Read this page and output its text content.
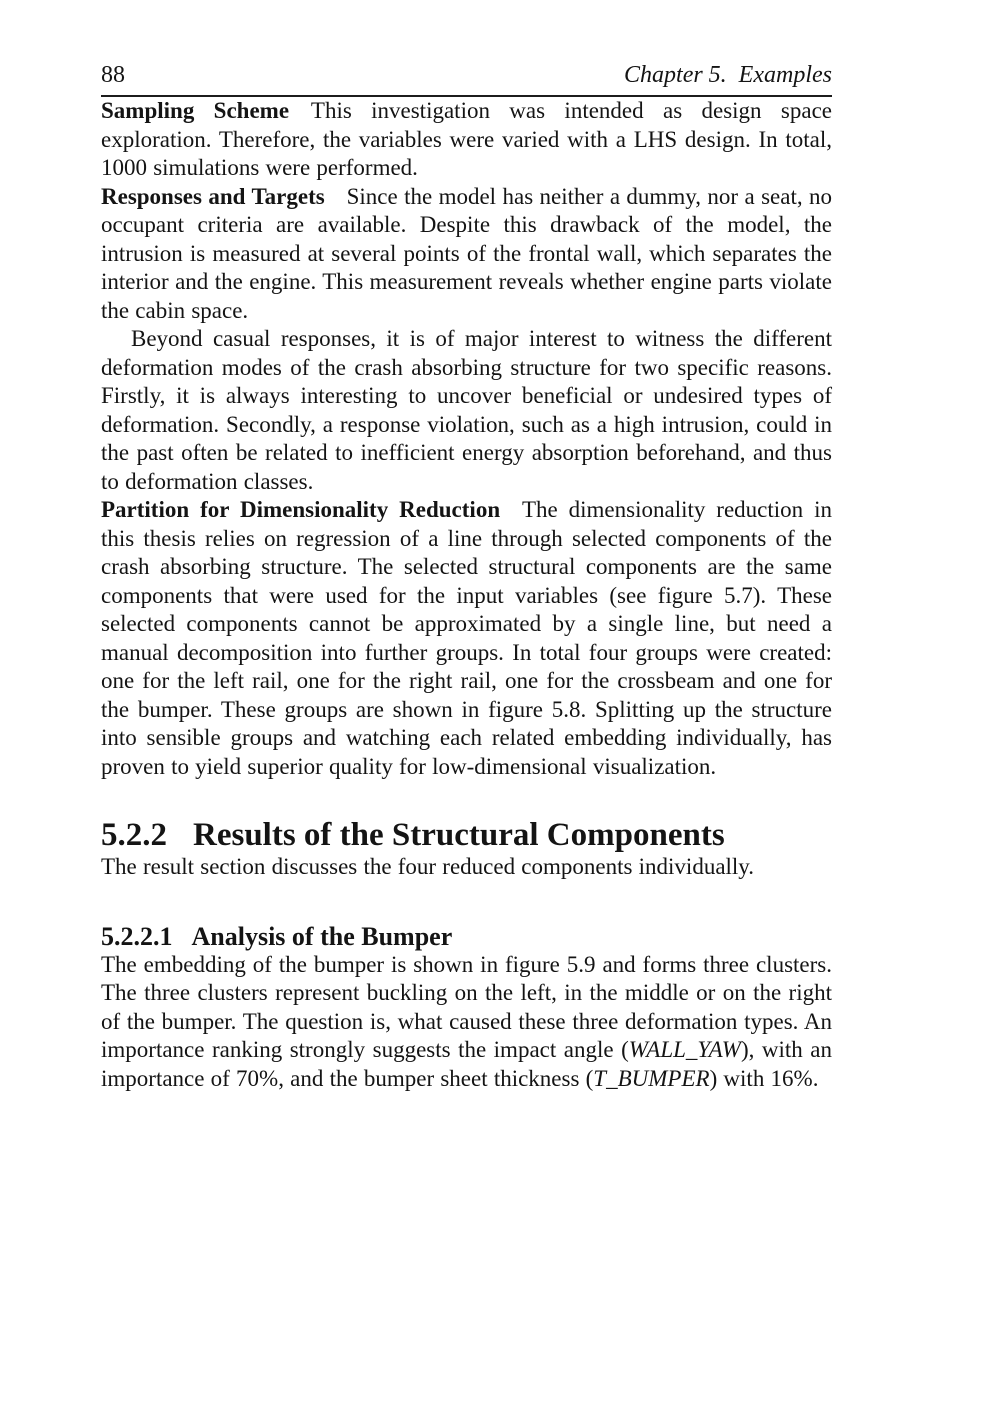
88	Chapter 5. Examples

Sampling Scheme This investigation was intended as design space exploration. Therefore, the variables were varied with a LHS design. In total, 1000 simulations were performed.

Responses and Targets Since the model has neither a dummy, nor a seat, no occupant criteria are available. Despite this drawback of the model, the intrusion is measured at several points of the frontal wall, which separates the interior and the engine. This measurement reveals whether engine parts violate the cabin space.

Beyond casual responses, it is of major interest to witness the different deformation modes of the crash absorbing structure for two specific reasons. Firstly, it is always interesting to uncover beneficial or undesired types of deformation. Secondly, a response violation, such as a high intrusion, could in the past often be related to inefficient energy absorption beforehand, and thus to deformation classes.

Partition for Dimensionality Reduction The dimensionality reduction in this thesis relies on regression of a line through selected components of the crash absorbing structure. The selected structural components are the same components that were used for the input variables (see figure 5.7). These selected components cannot be approximated by a single line, but need a manual decomposition into further groups. In total four groups were created: one for the left rail, one for the right rail, one for the crossbeam and one for the bumper. These groups are shown in figure 5.8. Splitting up the structure into sensible groups and watching each related embedding individually, has proven to yield superior quality for low-dimensional visualization.

5.2.2 Results of the Structural Components

The result section discusses the four reduced components individually.

5.2.2.1 Analysis of the Bumper

The embedding of the bumper is shown in figure 5.9 and forms three clusters. The three clusters represent buckling on the left, in the middle or on the right of the bumper. The question is, what caused these three deformation types. An importance ranking strongly suggests the impact angle (WALL_YAW), with an importance of 70%, and the bumper sheet thickness (T_BUMPER) with 16%.
